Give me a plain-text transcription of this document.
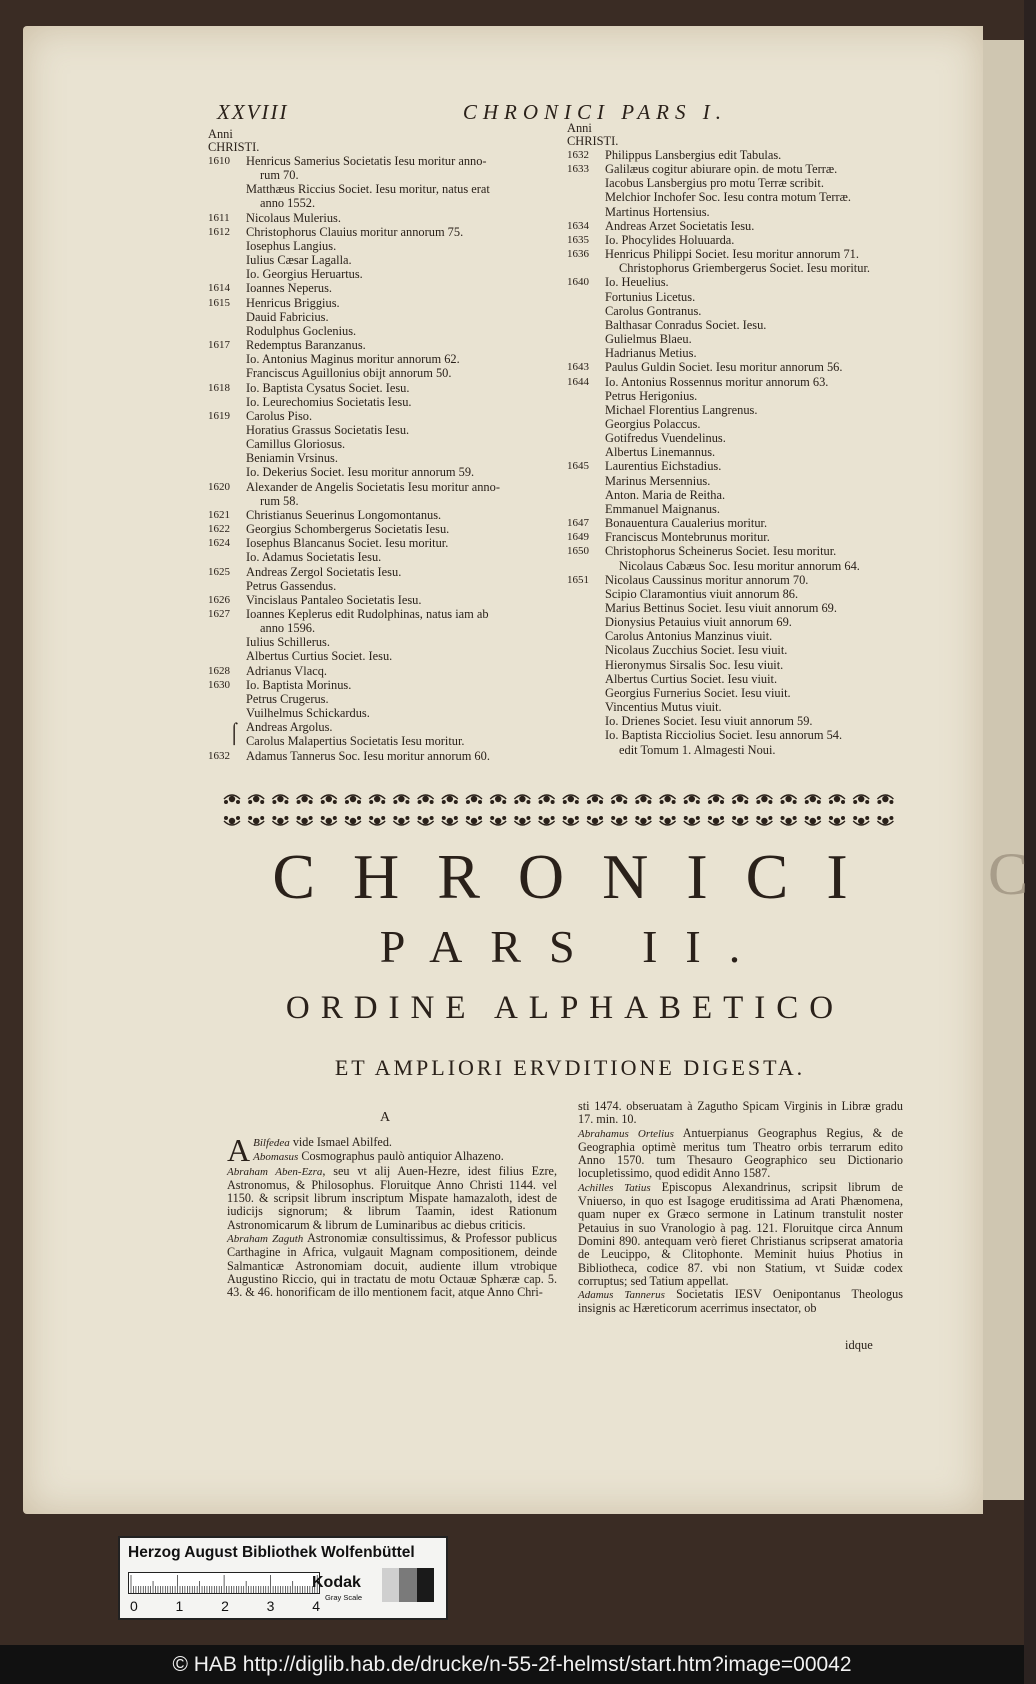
C
XXVIII	CHRONICI PARS I.
Anni
CHRISTI.
1610	Henricus Samerius Societatis Iesu moritur anno-
rum 70.
Matthæus Riccius Societ. Iesu moritur, natus erat
anno 1552.
1611	Nicolaus Mulerius.
1612	Christophorus Clauius moritur annorum 75.
Iosephus Langius.
Iulius Cæsar Lagalla.
Io. Georgius Heruartus.
1614	Ioannes Neperus.
1615	Henricus Briggius.
Dauid Fabricius.
Rodulphus Goclenius.
1617	Redemptus Baranzanus.
Io. Antonius Maginus moritur annorum 62.
Franciscus Aguillonius obijt annorum 50.
1618	Io. Baptista Cysatus Societ. Iesu.
Io. Leurechomius Societatis Iesu.
1619	Carolus Piso.
Horatius Grassus Societatis Iesu.
Camillus Gloriosus.
Beniamin Vrsinus.
Io. Dekerius Societ. Iesu moritur annorum 59.
1620	Alexander de Angelis Societatis Iesu moritur anno-
rum 58.
1621	Christianus Seuerinus Longomontanus.
1622	Georgius Schombergerus Societatis Iesu.
1624	Iosephus Blancanus Societ. Iesu moritur.
Io. Adamus Societatis Iesu.
1625	Andreas Zergol Societatis Iesu.
Petrus Gassendus.
1626	Vincislaus Pantaleo Societatis Iesu.
1627	Ioannes Keplerus edit Rudolphinas, natus iam ab
anno 1596.
Iulius Schillerus.
Albertus Curtius Societ. Iesu.
1628	Adrianus Vlacq.
1630	Io. Baptista Morinus.
Petrus Crugerus.
Vuilhelmus Schickardus.
Andreas Argolus.
Carolus Malapertius Societatis Iesu moritur.
1632	Adamus Tannerus Soc. Iesu moritur annorum 60.
Anni
CHRISTI.
1632	Philippus Lansbergius edit Tabulas.
1633	Galilæus cogitur abiurare opin. de motu Terræ.
Iacobus Lansbergius pro motu Terræ scribit.
Melchior Inchofer Soc. Iesu contra motum Terræ.
Martinus Hortensius.
1634	Andreas Arzet Societatis Iesu.
1635	Io. Phocylides Holuuarda.
1636	Henricus Philippi Societ. Iesu moritur annorum 71.
Christophorus Griembergerus Societ. Iesu moritur.
1640	Io. Heuelius.
Fortunius Licetus.
Carolus Gontranus.
Balthasar Conradus Societ. Iesu.
Gulielmus Blaeu.
Hadrianus Metius.
1643	Paulus Guldin Societ. Iesu moritur annorum 56.
1644	Io. Antonius Rossennus moritur annorum 63.
Petrus Herigonius.
Michael Florentius Langrenus.
Georgius Polaccus.
Gotifredus Vuendelinus.
Albertus Linemannus.
1645	Laurentius Eichstadius.
Marinus Mersennius.
Anton. Maria de Reitha.
Emmanuel Maignanus.
1647	Bonauentura Caualerius moritur.
1649	Franciscus Montebrunus moritur.
1650	Christophorus Scheinerus Societ. Iesu moritur.
Nicolaus Cabæus Soc. Iesu moritur annorum 64.
1651	Nicolaus Caussinus moritur annorum 70.
Scipio Claramontius viuit annorum 86.
Marius Bettinus Societ. Iesu viuit annorum 69.
Dionysius Petauius viuit annorum 69.
Carolus Antonius Manzinus viuit.
Nicolaus Zucchius Societ. Iesu viuit.
Hieronymus Sirsalis Soc. Iesu viuit.
Albertus Curtius Societ. Iesu viuit.
Georgius Furnerius Societ. Iesu viuit.
Vincentius Mutus viuit.
Io. Drienes Societ. Iesu viuit annorum 59.
Io. Baptista Ricciolius Societ. Iesu annorum 54.
edit Tomum 1. Almagesti Noui.
⌠
CHRONICI
PARS II.
ORDINE ALPHABETICO
ET AMPLIORI ERVDITIONE DIGESTA.
A
A Bilfedea vide Ismael Abilfed.
Abomasus Cosmographus paulò antiquior Alhazeno.
Abraham Aben-Ezra, seu vt alij Auen-Hezre, idest filius Ezre, Astronomus, & Philosophus. Floruitque Anno Christi 1144. vel 1150. & scripsit librum inscriptum Mispate hamazaloth, idest de iudicijs signorum; & librum Taamin, idest Rationum Astronomicarum & librum de Luminaribus ac diebus criticis.
Abraham Zaguth Astronomiæ consultissimus, & Professor publicus Carthagine in Africa, vulgauit Magnam compositionem, deinde Salmanticæ Astronomiam docuit, audiente illum vtrobique Augustino Riccio, qui in tractatu de motu Octauæ Sphæræ cap. 5. 43. & 46. honorificam de illo mentionem facit, atque Anno Chri-
sti 1474. obseruatam à Zagutho Spicam Virginis in Libræ gradu 17. min. 10.
Abrahamus Ortelius Antuerpianus Geographus Regius, & de Geographia optimè meritus tum Theatro orbis terrarum edito Anno 1570. tum Thesauro Geographico seu Dictionario locupletissimo, quod edidit Anno 1587.
Achilles Tatius Episcopus Alexandrinus, scripsit librum de Vniuerso, in quo est Isagoge eruditissima ad Arati Phænomena, quam nuper ex Græco sermone in Latinum transtulit noster Petauius in suo Vranologio à pag. 121. Floruitque circa Annum Domini 890. antequam verò fieret Christianus scripserat amatoria de Leucippo, & Clitophonte. Meminit huius Photius in Bibliotheca, codice 87. vbi non Statium, vt Suidæ codex corruptus; sed Tatium appellat.
Adamus Tannerus Societatis IESV Oenipontanus Theologus insignis ac Hæreticorum acerrimus insectator, ob
idque
Herzog August Bibliothek Wolfenbüttel
0	1	2	3	4
Kodak
Gray Scale
© HAB http://diglib.hab.de/drucke/n-55-2f-helmst/start.htm?image=00042
